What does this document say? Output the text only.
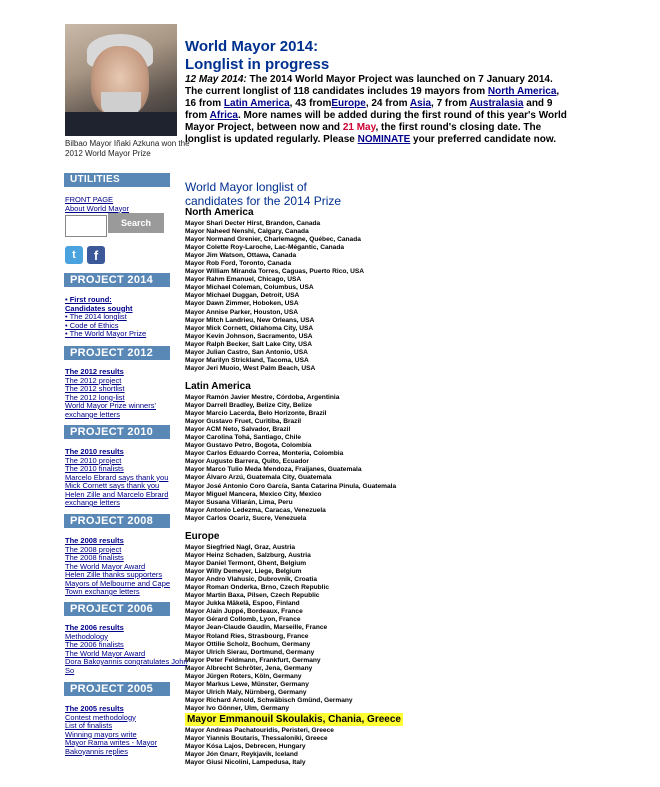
Bilbao Mayor Iñaki Azkuna won the 2012 World Mayor Prize
World Mayor 2014:
Longlist in progress
12 May 2014: The 2014 World Mayor Project was launched on 7 January 2014. The current longlist of 118 candidates includes 19 mayors from North America, 16 from Latin America, 43 fromEurope, 24 from Asia, 7 from Australasia and 9 from Africa. More names will be added during the first round of this year's World Mayor Project, between now and 21 May, the first round's closing date. The longlist is updated regularly. Please NOMINATE your preferred candidate now.
UTILITIES
FRONT PAGE
About World Mayor
Search
t	f
PROJECT 2014
• First round:
Candidates sought
• The 2014 longlist
• Code of Ethics
• The World Mayor Prize
PROJECT 2012
The 2012 results
The 2012 project
The 2012 shortlist
The 2012 long-list
World Mayor Prize winners'
exchange letters
PROJECT 2010
The 2010 results
The 2010 project
The 2010 finalists
Marcelo Ebrard says thank you
Mick Cornett says thank you
Helen Zille and Marcelo Ebrard
exchange letters
PROJECT 2008
The 2008 results
The 2008 project
The 2008 finalists
The World Mayor Award
Helen Zille thanks supporters
Mayors of Melbourne and Cape
Town exchange letters
PROJECT 2006
The 2006 results
Methodology
The 2006 finalists
The World Mayor Award
Dora Bakoyannis congratulates John
So
PROJECT 2005
The 2005 results
Contest methodology
List of finalists
Winning mayors write
Mayor Rama writes - Mayor
Bakoyannis replies
World Mayor longlist of
candidates for the 2014 Prize
North America
Mayor Shari Decter Hirst, Brandon, Canada
Mayor Naheed Nenshi, Calgary, Canada
Mayor Normand Grenier, Charlemagne, Québec, Canada
Mayor Colette Roy-Laroche, Lac-Mégantic, Canada
Mayor Jim Watson, Ottawa, Canada
Mayor Rob Ford, Toronto, Canada
Mayor William Miranda Torres, Caguas, Puerto Rico, USA
Mayor Rahm Emanuel, Chicago, USA
Mayor Michael Coleman, Columbus, USA
Mayor Michael Duggan, Detroit, USA
Mayor Dawn Zimmer, Hoboken, USA
Mayor Annise Parker, Houston, USA
Mayor Mitch Landrieu, New Orleans, USA
Mayor Mick Cornett, Oklahoma City, USA
Mayor Kevin Johnson, Sacramento, USA
Mayor Ralph Becker, Salt Lake City, USA
Mayor Julian Castro, San Antonio, USA
Mayor Marilyn Strickland, Tacoma, USA
Mayor Jeri Muoio, West Palm Beach, USA
Latin America
Mayor Ramón Javier Mestre, Córdoba, Argentinia
Mayor Darrell Bradley, Belize City, Belize
Mayor Marcio Lacerda, Belo Horizonte, Brazil
Mayor Gustavo Fruet, Curitiba, Brazil
Mayor ACM Neto, Salvador, Brazil
Mayor Carolina Tohá, Santiago, Chile
Mayor Gustavo Petro, Bogota, Colombia
Mayor Carlos Eduardo Correa, Monteria, Colombia
Mayor Augusto Barrera, Quito, Ecuador
Mayor Marco Tulio Meda Mendoza, Fraijanes, Guatemala
Mayor Álvaro Arzú, Guatemala City, Guatemala
Mayor José Antonio Coro García, Santa Catarina Pinula, Guatemala
Mayor Miguel Mancera, Mexico City, Mexico
Mayor Susana Villarán, Lima, Peru
Mayor Antonio Ledezma, Caracas, Venezuela
Mayor Carlos Ocariz, Sucre, Venezuela
Europe
Mayor Siegfried Nagl, Graz, Austria
Mayor Heinz Schaden, Salzburg, Austria
Mayor Daniel Termont, Ghent, Belgium
Mayor Willy Demeyer, Liege, Belgium
Mayor Andro Vlahusic, Dubrovnik, Croatia
Mayor Roman Onderka, Brno, Czech Republic
Mayor Martin Baxa, Pilsen, Czech Republic
Mayor Jukka Mäkelä, Espoo, Finland
Mayor Alain Juppé, Bordeaux, France
Mayor Gérard Collomb, Lyon, France
Mayor Jean-Claude Gaudin, Marseille, France
Mayor Roland Ries, Strasbourg, France
Mayor Ottilie Scholz, Bochum, Germany
Mayor Ulrich Sierau, Dortmund, Germany
Mayor Peter Feldmann, Frankfurt, Germany
Mayor Albrecht Schröter, Jena, Germany
Mayor Jürgen Roters, Köln, Germany
Mayor Markus Lewe, Münster, Germany
Mayor Ulrich Maly, Nürnberg, Germany
Mayor Richard Arnold, Schwäbisch Gmünd, Germany
Mayor Ivo Gönner, Ulm, Germany
Mayor Emmanouil Skoulakis, Chania, Greece
Mayor Andreas Pachatouridis, Peristeri, Greece
Mayor Yiannis Boutaris, Thessaloniki, Greece
Mayor Kósa Lajos, Debrecen, Hungary
Mayor Jón Gnarr, Reykjavik, Iceland
Mayor Giusi Nicolini, Lampedusa, Italy
